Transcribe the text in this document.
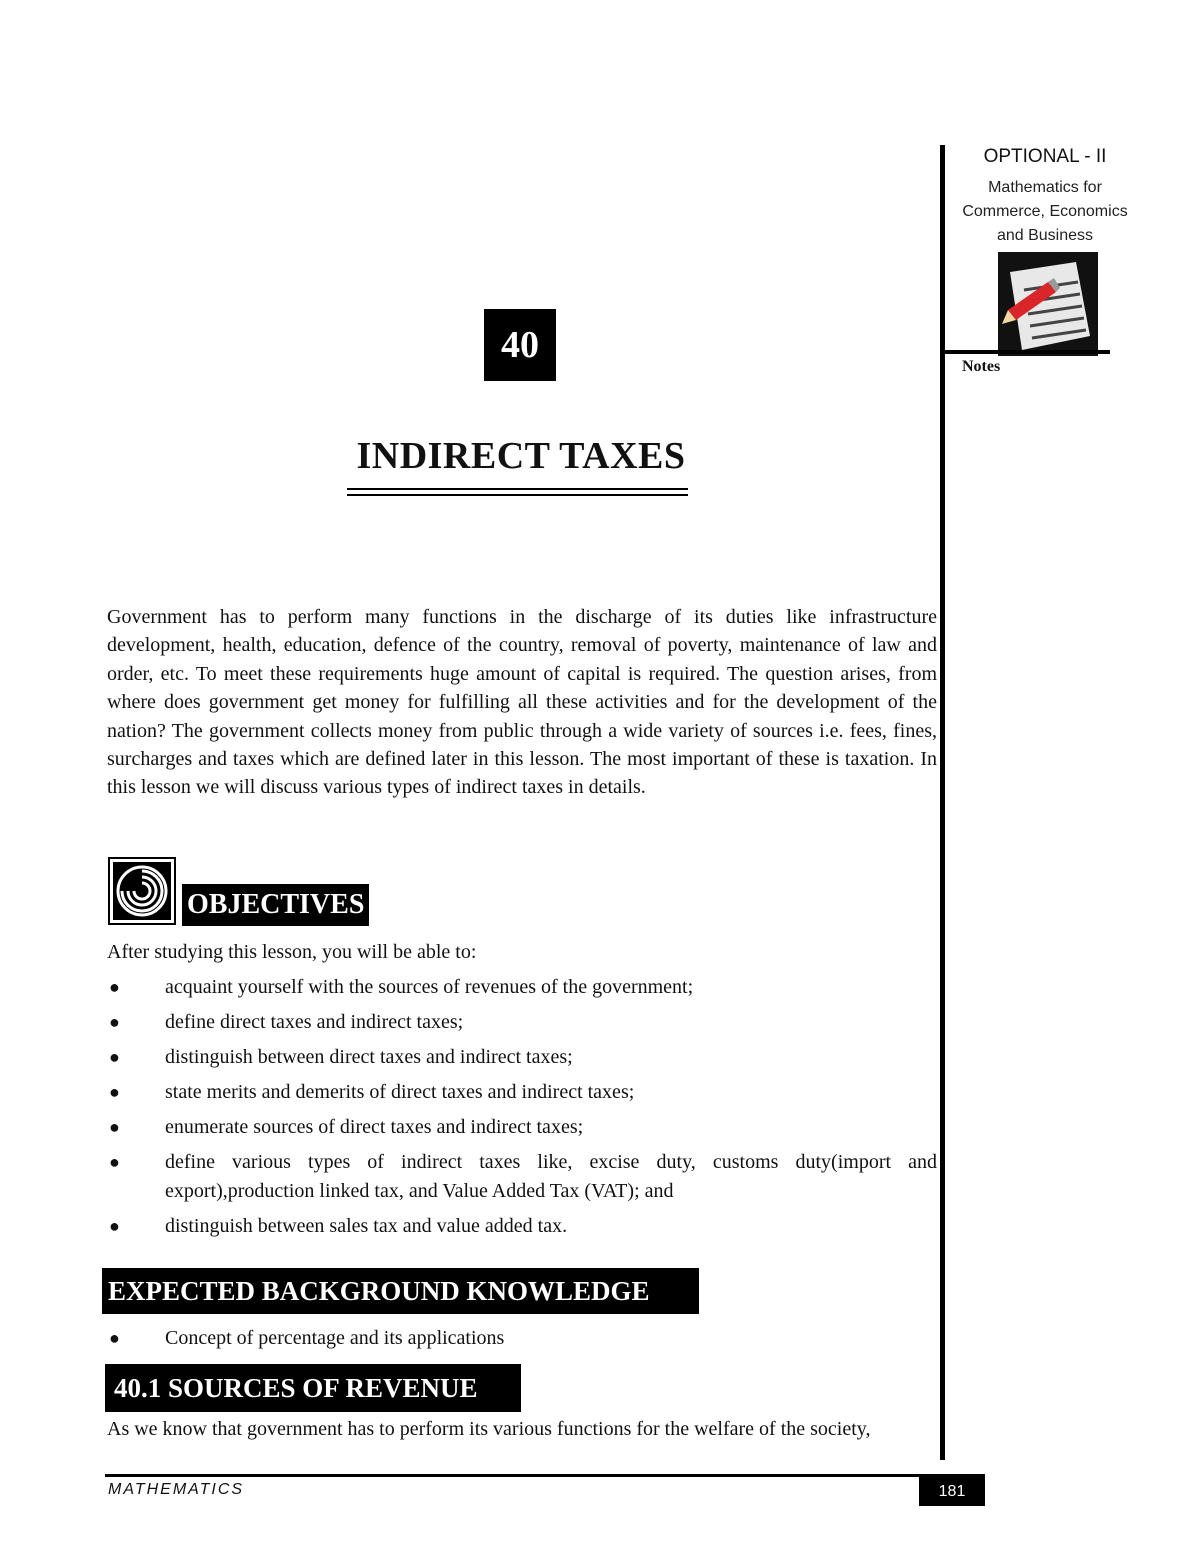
OPTIONAL - II
Mathematics for
Commerce, Economics
and Business
Notes
40
INDIRECT TAXES
Government has to perform many functions in the discharge of its duties like infrastructure development, health, education, defence of the country, removal of poverty, maintenance of law and order, etc. To meet these requirements huge amount of capital is required. The question arises, from where does government get money for fulfilling all these activities and for the development of the nation? The government collects money from public through a wide variety of sources i.e. fees, fines, surcharges and taxes which are defined later in this lesson. The most important of these is taxation. In this lesson we will discuss various types of indirect taxes in details.
OBJECTIVES
After studying this lesson, you will be able to:
● acquaint yourself with the sources of revenues of the government;
● define direct taxes and indirect taxes;
● distinguish between direct taxes and indirect taxes;
● state merits and demerits of direct taxes and indirect taxes;
● enumerate sources of direct taxes and indirect taxes;
● define various types of indirect taxes like, excise duty, customs duty(import and export),production linked tax, and Value Added Tax (VAT); and
● distinguish between sales tax and value added tax.
EXPECTED BACKGROUND KNOWLEDGE
● Concept of percentage and its applications
40.1 SOURCES OF REVENUE
As we know that government has to perform its various functions for the welfare of the society,
MATHEMATICS	181
